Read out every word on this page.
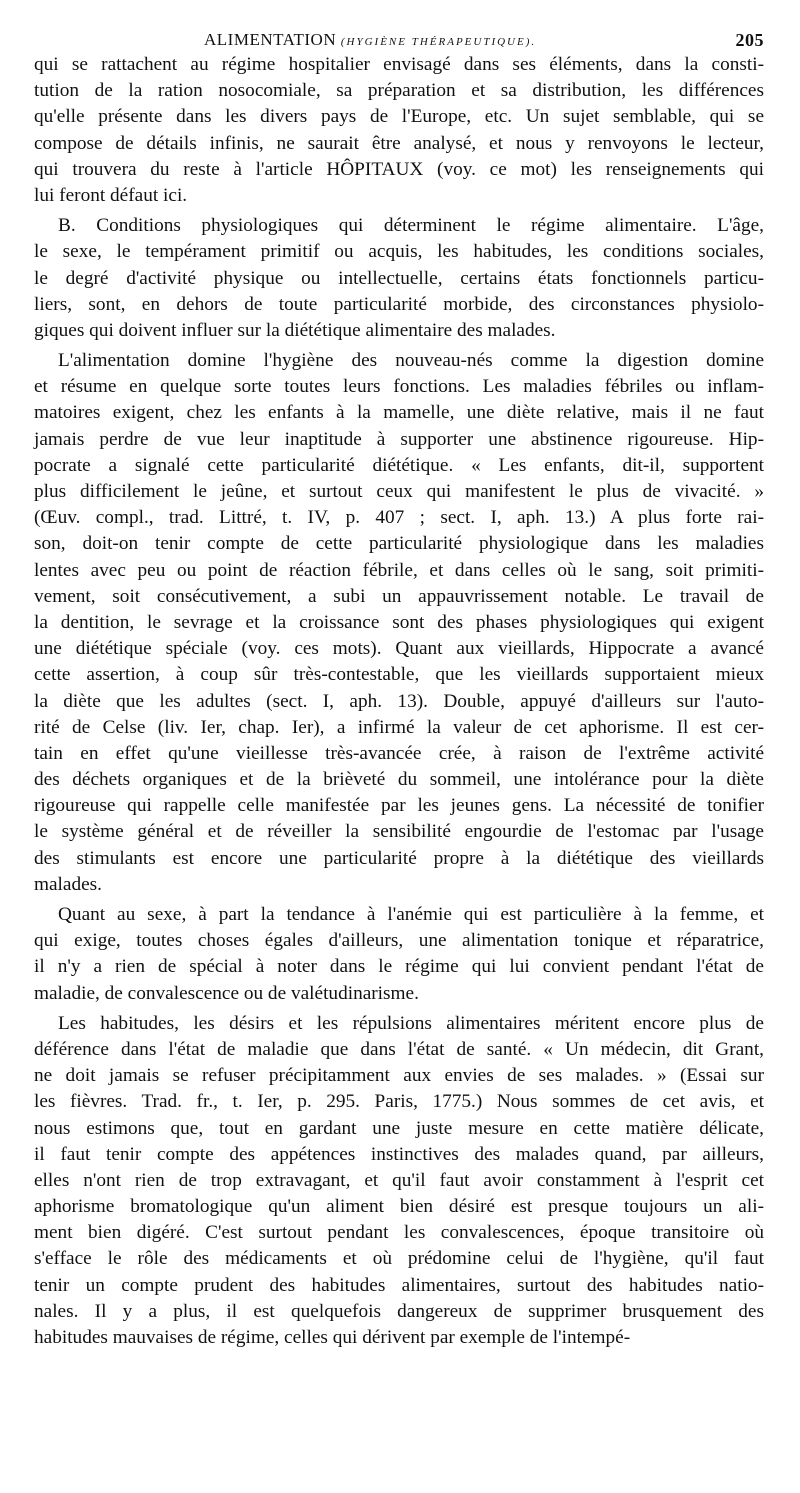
ALIMENTATION (HYGIÈNE THÉRAPEUTIQUE).	205
qui se rattachent au régime hospitalier envisagé dans ses éléments, dans la consti-
tution de la ration nosocomiale, sa préparation et sa distribution, les différences
qu'elle présente dans les divers pays de l'Europe, etc. Un sujet semblable, qui se
compose de détails infinis, ne saurait être analysé, et nous y renvoyons le lecteur,
qui trouvera du reste à l'article HÔPITAUX (voy. ce mot) les renseignements qui
lui feront défaut ici.
B. Conditions physiologiques qui déterminent le régime alimentaire. L'âge,
le sexe, le tempérament primitif ou acquis, les habitudes, les conditions sociales,
le degré d'activité physique ou intellectuelle, certains états fonctionnels particu-
liers, sont, en dehors de toute particularité morbide, des circonstances physiolo-
giques qui doivent influer sur la diététique alimentaire des malades.
L'alimentation domine l'hygiène des nouveau-nés comme la digestion domine
et résume en quelque sorte toutes leurs fonctions. Les maladies fébriles ou inflam-
matoires exigent, chez les enfants à la mamelle, une diète relative, mais il ne faut
jamais perdre de vue leur inaptitude à supporter une abstinence rigoureuse. Hip-
pocrate a signalé cette particularité diététique. « Les enfants, dit-il, supportent
plus difficilement le jeûne, et surtout ceux qui manifestent le plus de vivacité. »
(Œuv. compl., trad. Littré, t. IV, p. 407 ; sect. I, aph. 13.) A plus forte rai-
son, doit-on tenir compte de cette particularité physiologique dans les maladies
lentes avec peu ou point de réaction fébrile, et dans celles où le sang, soit primiti-
vement, soit consécutivement, a subi un appauvrissement notable. Le travail de
la dentition, le sevrage et la croissance sont des phases physiologiques qui exigent
une diététique spéciale (voy. ces mots). Quant aux vieillards, Hippocrate a avancé
cette assertion, à coup sûr très-contestable, que les vieillards supportaient mieux
la diète que les adultes (sect. I, aph. 13). Double, appuyé d'ailleurs sur l'auto-
rité de Celse (liv. Ier, chap. Ier), a infirmé la valeur de cet aphorisme. Il est cer-
tain en effet qu'une vieillesse très-avancée crée, à raison de l'extrême activité
des déchets organiques et de la brièveté du sommeil, une intolérance pour la diète
rigoureuse qui rappelle celle manifestée par les jeunes gens. La nécessité de tonifier
le système général et de réveiller la sensibilité engourdie de l'estomac par l'usage
des stimulants est encore une particularité propre à la diététique des vieillards
malades.
Quant au sexe, à part la tendance à l'anémie qui est particulière à la femme, et
qui exige, toutes choses égales d'ailleurs, une alimentation tonique et réparatrice,
il n'y a rien de spécial à noter dans le régime qui lui convient pendant l'état de
maladie, de convalescence ou de valétudinarisme.
Les habitudes, les désirs et les répulsions alimentaires méritent encore plus de
déférence dans l'état de maladie que dans l'état de santé. « Un médecin, dit Grant,
ne doit jamais se refuser précipitamment aux envies de ses malades. » (Essai sur
les fièvres. Trad. fr., t. Ier, p. 295. Paris, 1775.) Nous sommes de cet avis, et
nous estimons que, tout en gardant une juste mesure en cette matière délicate,
il faut tenir compte des appétences instinctives des malades quand, par ailleurs,
elles n'ont rien de trop extravagant, et qu'il faut avoir constamment à l'esprit cet
aphorisme bromatologique qu'un aliment bien désiré est presque toujours un ali-
ment bien digéré. C'est surtout pendant les convalescences, époque transitoire où
s'efface le rôle des médicaments et où prédomine celui de l'hygiène, qu'il faut
tenir un compte prudent des habitudes alimentaires, surtout des habitudes natio-
nales. Il y a plus, il est quelquefois dangereux de supprimer brusquement des
habitudes mauvaises de régime, celles qui dérivent par exemple de l'intempé-
